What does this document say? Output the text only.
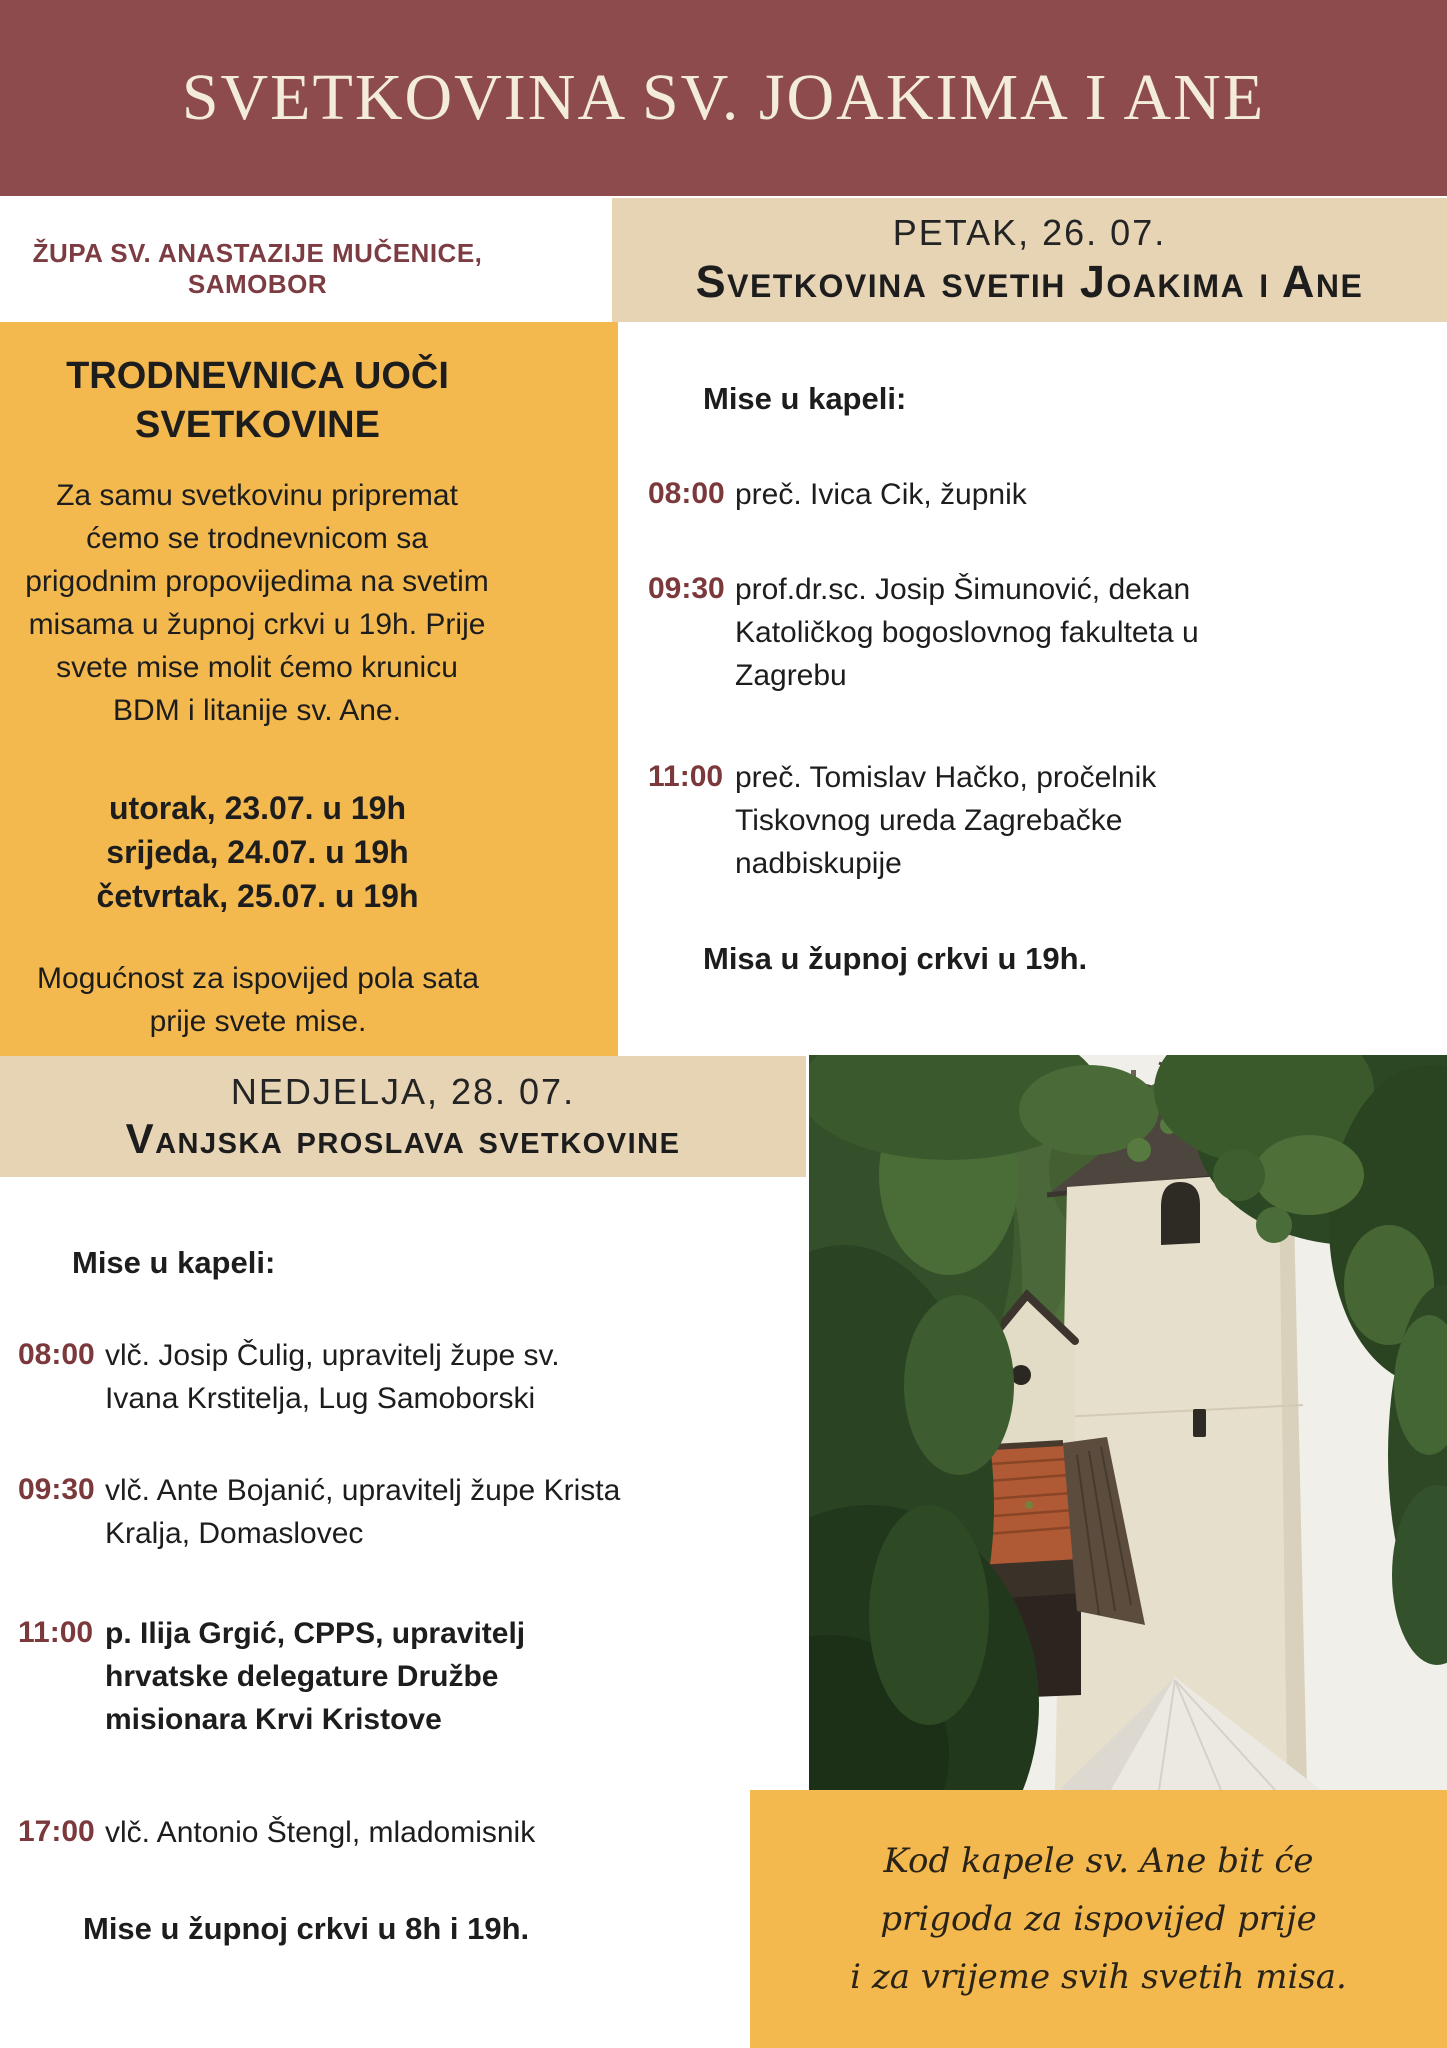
SVETKOVINA SV. JOAKIMA I ANE
ŽUPA SV. ANASTAZIJE MUČENICE, SAMOBOR
TRODNEVNICA UOČI SVETKOVINE
Za samu svetkovinu pripremat ćemo se trodnevnicom sa prigodnim propovijedima na svetim misama u župnoj crkvi u 19h. Prije svete mise molit ćemo krunicu BDM i litanije sv. Ane.
utorak, 23.07. u 19h
srijeda, 24.07. u 19h
četvrtak, 25.07. u 19h
Mogućnost za ispovijed pola sata prije svete mise.
PETAK, 26. 07.
Svetkovina svetih Joakima i Ane
Mise u kapeli:
08:00 preč. Ivica Cik, župnik
09:30 prof.dr.sc. Josip Šimunović, dekan Katoličkog bogoslovnog fakulteta u Zagrebu
11:00 preč. Tomislav Hačko, pročelnik Tiskovnog ureda Zagrebačke nadbiskupije
Misa u župnoj crkvi u 19h.
NEDJELJA, 28. 07.
Vanjska proslava svetkovine
Mise u kapeli:
08:00 vlč. Josip Čulig, upravitelj župe sv. Ivana Krstitelja, Lug Samoborski
09:30 vlč. Ante Bojanić, upravitelj župe Krista Kralja, Domaslovec
11:00 p. Ilija Grgić, CPPS, upravitelj hrvatske delegature Družbe misionara Krvi Kristove
17:00 vlč. Antonio Štengl, mladomisnik
Mise u župnoj crkvi u 8h i 19h.
Kod kapele sv. Ane bit će
prigoda za ispovijed prije
i za vrijeme svih svetih misa.
